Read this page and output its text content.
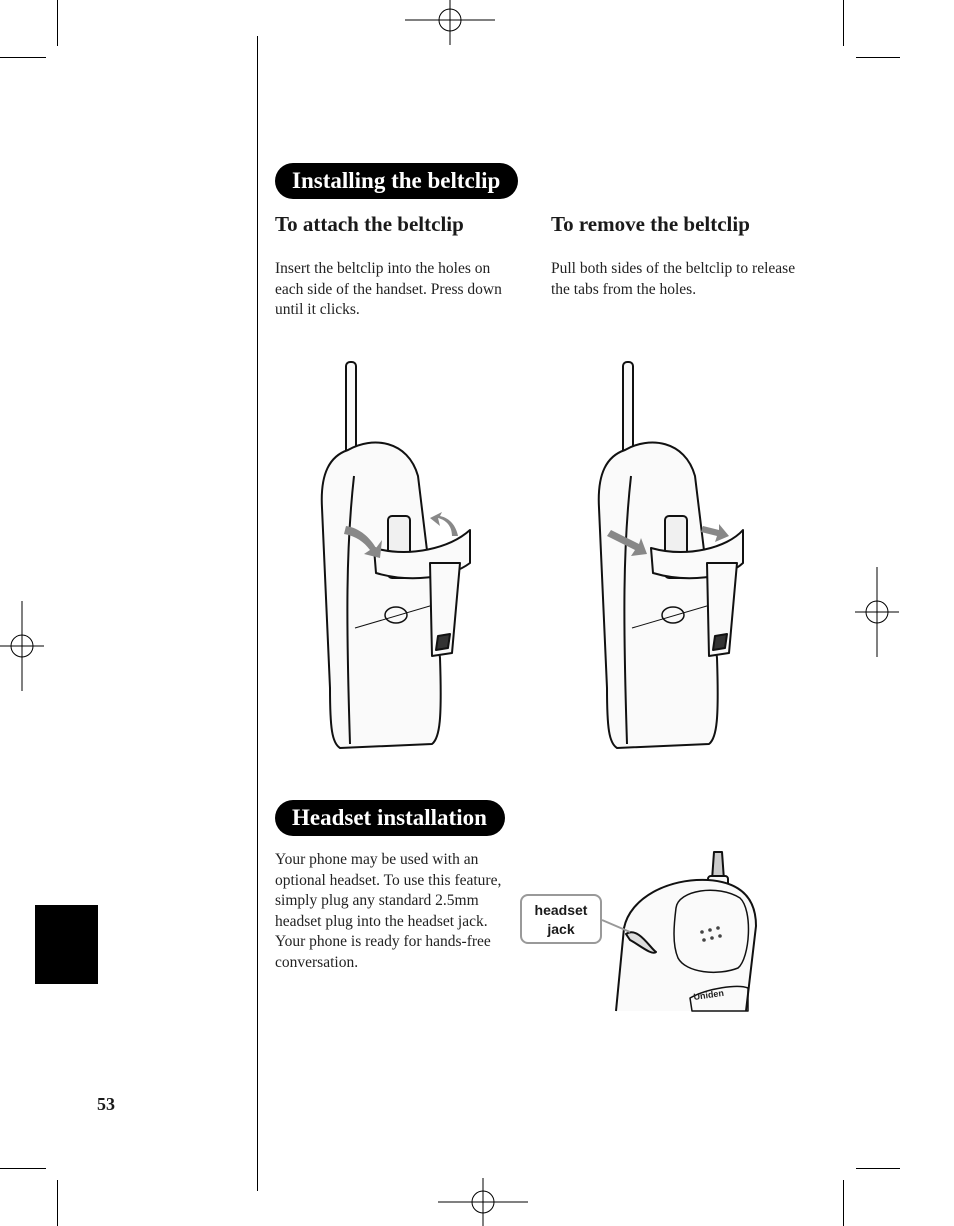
Installing the beltclip
To attach the beltclip
Insert the beltclip into the holes on each side of the handset. Press down until it clicks.
To remove the beltclip
Pull both sides of the beltclip to release the tabs from the holes.
Headset installation
Your phone may be used with an optional headset. To use this feature, simply plug any standard 2.5mm headset plug into the headset jack. Your phone is ready for hands-free conversation.
Uniden
headset jack
53
